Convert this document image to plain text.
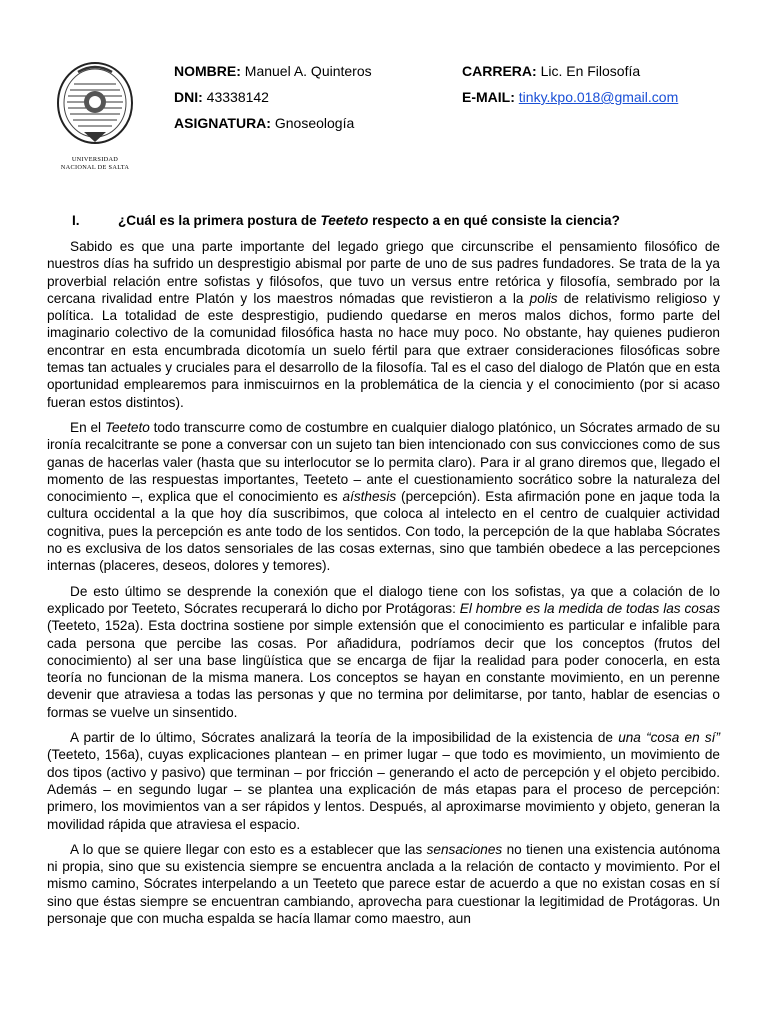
UNIVERSIDAD
NACIONAL DE SALTA
NOMBRE: Manuel A. Quinteros	CARRERA: Lic. En Filosofía
DNI: 43338142	E-MAIL: tinky.kpo.018@gmail.com
ASIGNATURA: Gnoseología
I.	¿Cuál es la primera postura de Teeteto respecto a en qué consiste la ciencia?

Sabido es que una parte importante del legado griego que circunscribe el pensamiento filosófico de nuestros días ha sufrido un desprestigio abismal por parte de uno de sus padres fundadores. Se trata de la ya proverbial relación entre sofistas y filósofos, que tuvo un versus entre retórica y filosofía, sembrado por la cercana rivalidad entre Platón y los maestros nómadas que revistieron a la polis de relativismo religioso y política. La totalidad de este desprestigio, pudiendo quedarse en meros malos dichos, formo parte del imaginario colectivo de la comunidad filosófica hasta no hace muy poco. No obstante, hay quienes pudieron encontrar en esta encumbrada dicotomía un suelo fértil para que extraer consideraciones filosóficas sobre temas tan actuales y cruciales para el desarrollo de la filosofía. Tal es el caso del dialogo de Platón que en esta oportunidad emplearemos para inmiscuirnos en la problemática de la ciencia y el conocimiento (por si acaso fueran estos distintos).

En el Teeteto todo transcurre como de costumbre en cualquier dialogo platónico, un Sócrates armado de su ironía recalcitrante se pone a conversar con un sujeto tan bien intencionado con sus convicciones como de sus ganas de hacerlas valer (hasta que su interlocutor se lo permita claro). Para ir al grano diremos que, llegado el momento de las respuestas importantes, Teeteto – ante el cuestionamiento socrático sobre la naturaleza del conocimiento –, explica que el conocimiento es aísthesis (percepción). Esta afirmación pone en jaque toda la cultura occidental a la que hoy día suscribimos, que coloca al intelecto en el centro de cualquier actividad cognitiva, pues la percepción es ante todo de los sentidos. Con todo, la percepción de la que hablaba Sócrates no es exclusiva de los datos sensoriales de las cosas externas, sino que también obedece a las percepciones internas (placeres, deseos, dolores y temores).

De esto último se desprende la conexión que el dialogo tiene con los sofistas, ya que a colación de lo explicado por Teeteto, Sócrates recuperará lo dicho por Protágoras: El hombre es la medida de todas las cosas (Teeteto, 152a). Esta doctrina sostiene por simple extensión que el conocimiento es particular e infalible para cada persona que percibe las cosas. Por añadidura, podríamos decir que los conceptos (frutos del conocimiento) al ser una base lingüística que se encarga de fijar la realidad para poder conocerla, en esta teoría no funcionan de la misma manera. Los conceptos se hayan en constante movimiento, en un perenne devenir que atraviesa a todas las personas y que no termina por delimitarse, por tanto, hablar de esencias o formas se vuelve un sinsentido.

A partir de lo último, Sócrates analizará la teoría de la imposibilidad de la existencia de una “cosa en sí” (Teeteto, 156a), cuyas explicaciones plantean – en primer lugar – que todo es movimiento, un movimiento de dos tipos (activo y pasivo) que terminan – por fricción – generando el acto de percepción y el objeto percibido. Además – en segundo lugar – se plantea una explicación de más etapas para el proceso de percepción: primero, los movimientos van a ser rápidos y lentos. Después, al aproximarse movimiento y objeto, generan la movilidad rápida que atraviesa el espacio.

A lo que se quiere llegar con esto es a establecer que las sensaciones no tienen una existencia autónoma ni propia, sino que su existencia siempre se encuentra anclada a la relación de contacto y movimiento. Por el mismo camino, Sócrates interpelando a un Teeteto que parece estar de acuerdo a que no existan cosas en sí sino que éstas siempre se encuentran cambiando, aprovecha para cuestionar la legitimidad de Protágoras. Un personaje que con mucha espalda se hacía llamar como maestro, aun
